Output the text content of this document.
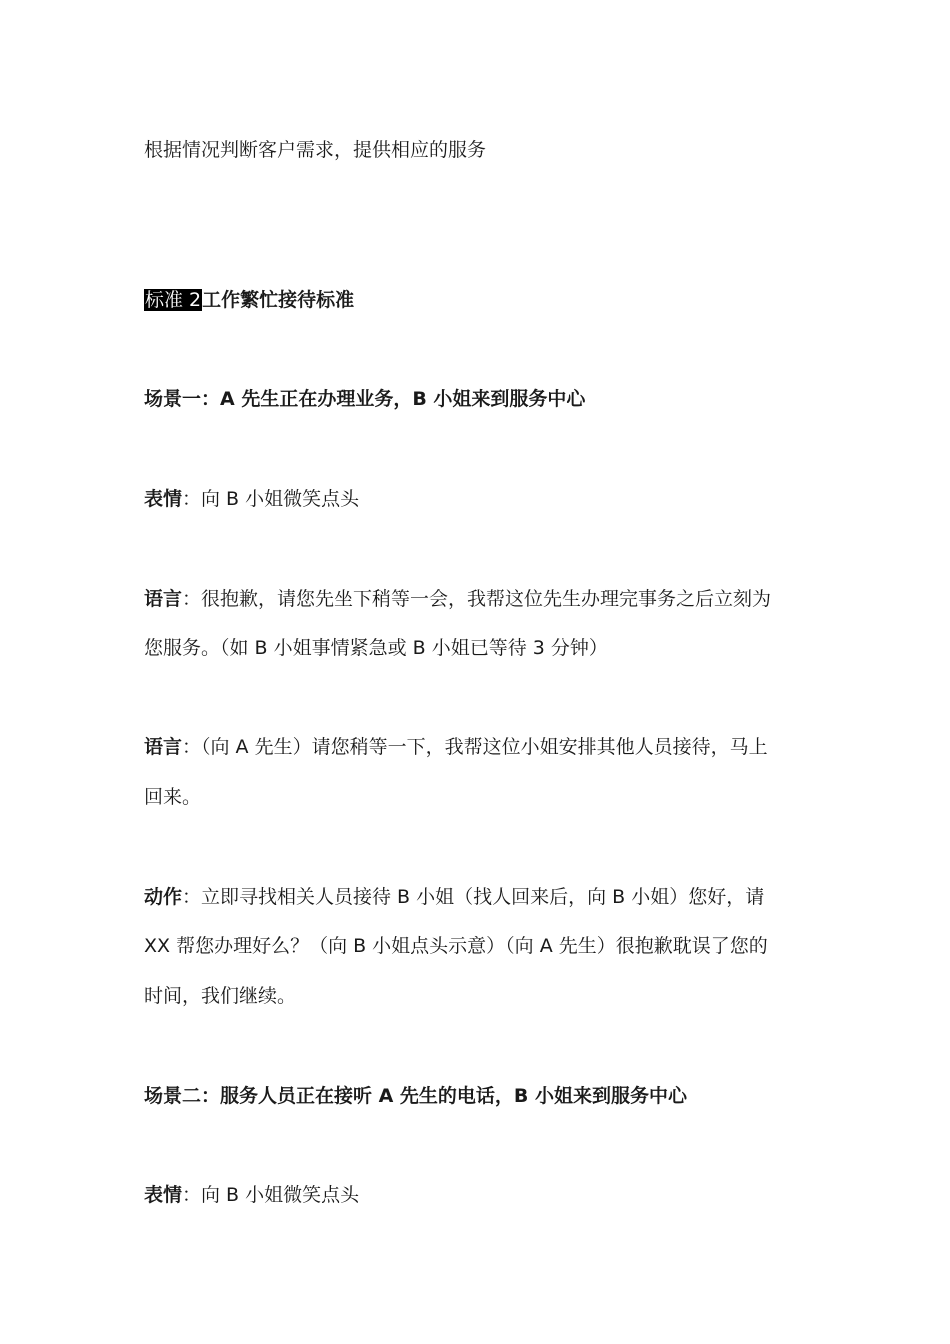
根据情况判断客户需求，提供相应的服务
标准 2工作繁忙接待标准
场景一：A 先生正在办理业务，B 小姐来到服务中心
表情：向 B 小姐微笑点头
语言：很抱歉，请您先坐下稍等一会，我帮这位先生办理完事务之后立刻为
您服务。（如 B 小姐事情紧急或 B 小姐已等待 3 分钟）
语言：（向 A 先生）请您稍等一下，我帮这位小姐安排其他人员接待，马上
回来。
动作：立即寻找相关人员接待 B 小姐（找人回来后，向 B 小姐）您好，请
XX 帮您办理好么？（向 B 小姐点头示意）（向 A 先生）很抱歉耽误了您的
时间，我们继续。
场景二：服务人员正在接听 A 先生的电话，B 小姐来到服务中心
表情：向 B 小姐微笑点头
